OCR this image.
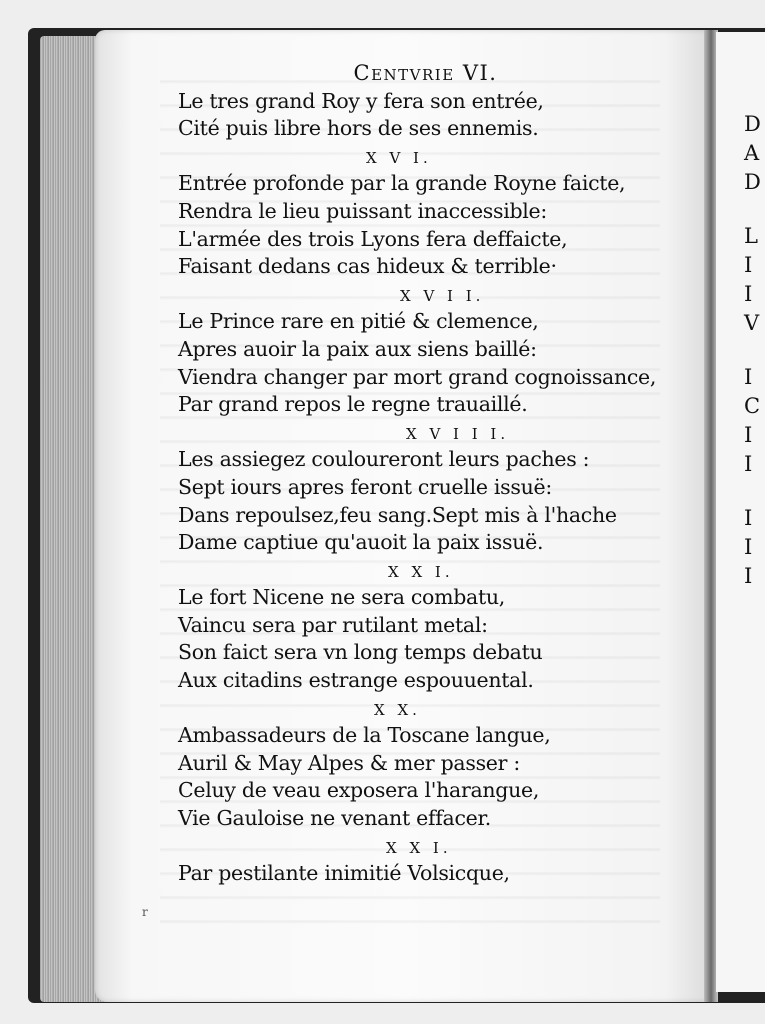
Centvrie VI.
Le tres grand Roy y fera son entrée,
Cité puis libre hors de ses ennemis.
X V I.
Entrée profonde par la grande Royne faicte,
Rendra le lieu puissant inaccessible:
L'armée des trois Lyons fera deffaicte,
Faisant dedans cas hideux & terrible·
X V I I.
Le Prince rare en pitié & clemence,
Apres auoir la paix aux siens baillé:
Viendra changer par mort grand cognoissance,
Par grand repos le regne trauaillé.
X V I I I.
Les assiegez couloureront leurs paches :
Sept iours apres feront cruelle issuë:
Dans repoulsez,feu sang.Sept mis à l'hache
Dame captiue qu'auoit la paix issuë.
X X I.
Le fort Nicene ne sera combatu,
Vaincu sera par rutilant metal:
Son faict sera vn long temps debatu
Aux citadins estrange espouuental.
X X.
Ambassadeurs de la Toscane langue,
Auril & May Alpes & mer passer :
Celuy de veau exposera l'harangue,
Vie Gauloise ne venant effacer.
X X I.
Par pestilante inimitié Volsicque,
D
A
D
L
I
I
V
I
C
I
I
I
I
I
r
